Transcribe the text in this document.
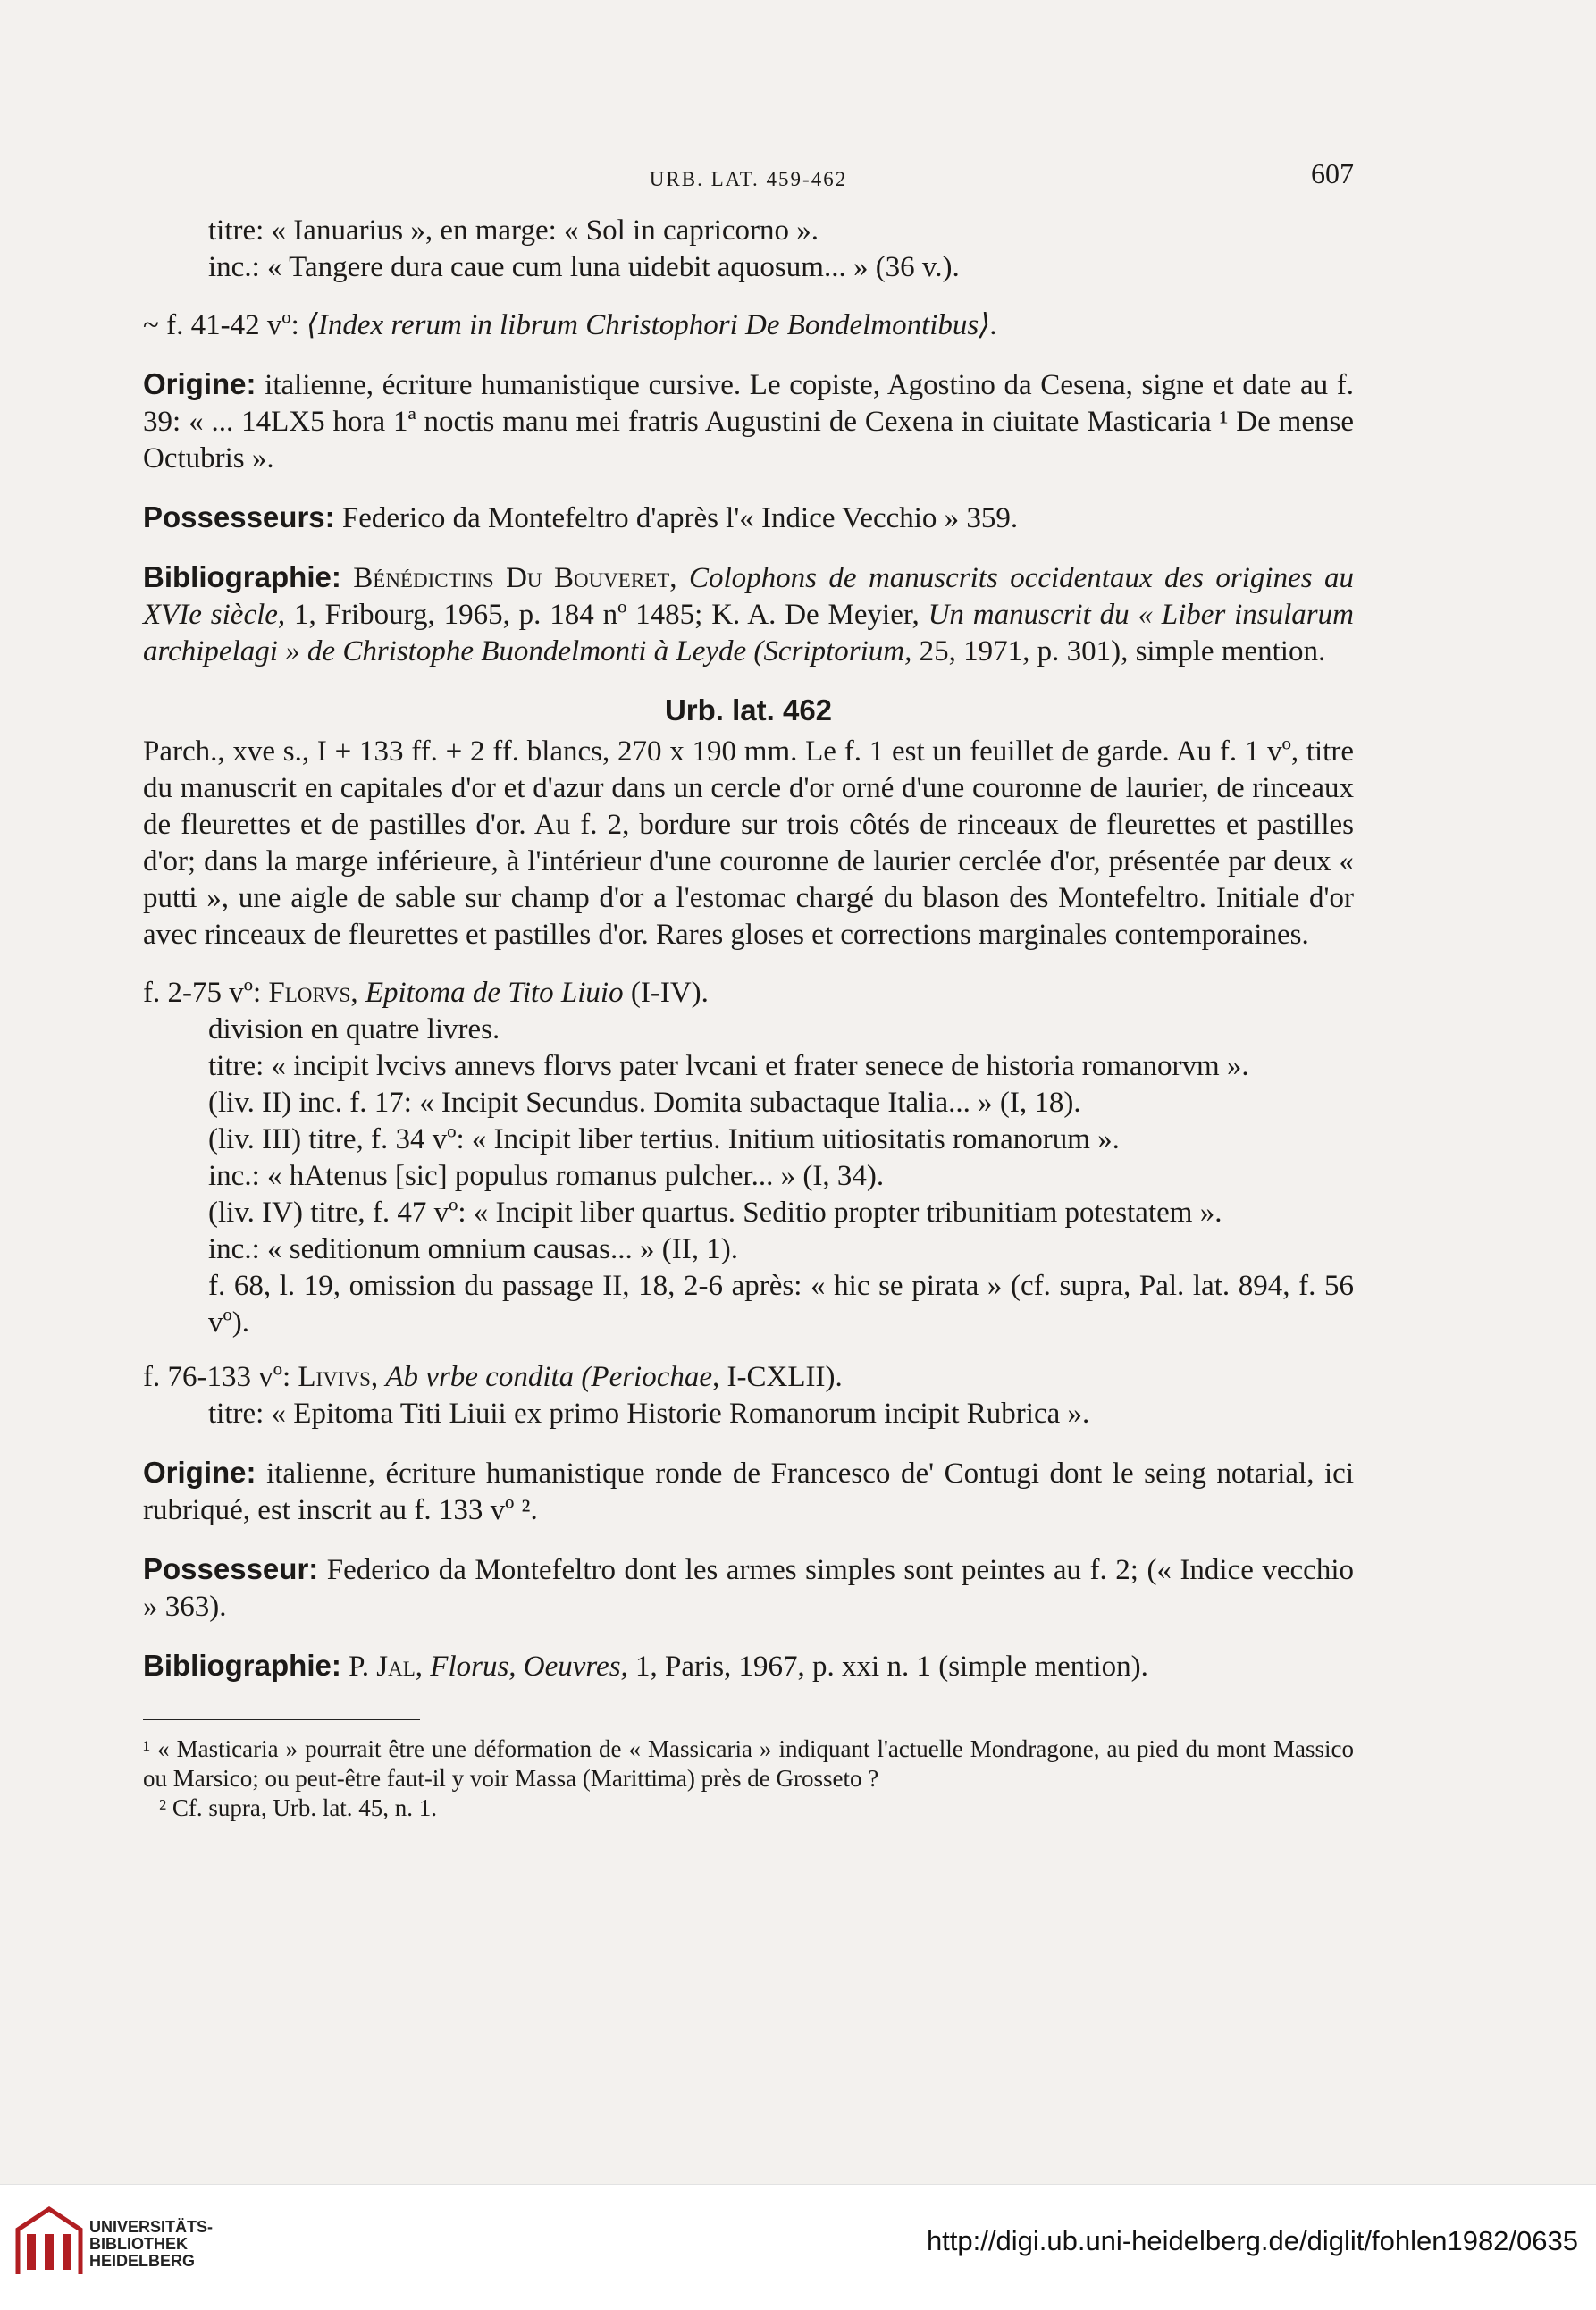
URB. LAT. 459-462	607
titre: « Ianuarius », en marge: « Sol in capricorno ».

inc.: « Tangere dura caue cum luna uidebit aquosum... » (36 v.).

~ f. 41-42 vº: ⟨Index rerum in librum Christophori De Bondelmontibus⟩.

Origine: italienne, écriture humanistique cursive. Le copiste, Agostino da Cesena, signe et date au f. 39: « ... 14LX5 hora 1ª noctis manu mei fratris Augustini de Cexena in ciuitate Masticaria ¹ De mense Octubris ».

Possesseurs: Federico da Montefeltro d'après l'« Indice Vecchio » 359.

Bibliographie: Bénédictins Du Bouveret, Colophons de manuscrits occidentaux des origines au XVIe siècle, 1, Fribourg, 1965, p. 184 nº 1485; K. A. De Meyier, Un manuscrit du « Liber insularum archipelagi » de Christophe Buondelmonti à Leyde (Scriptorium, 25, 1971, p. 301), simple mention.

Urb. lat. 462

Parch., xve s., I + 133 ff. + 2 ff. blancs, 270 x 190 mm. Le f. 1 est un feuillet de garde. Au f. 1 vº, titre du manuscrit en capitales d'or et d'azur dans un cercle d'or orné d'une couronne de laurier, de rinceaux de fleurettes et de pastilles d'or. Au f. 2, bordure sur trois côtés de rinceaux de fleurettes et pastilles d'or; dans la marge inférieure, à l'intérieur d'une couronne de laurier cerclée d'or, présentée par deux « putti », une aigle de sable sur champ d'or a l'estomac chargé du blason des Montefeltro. Initiale d'or avec rinceaux de fleurettes et pastilles d'or. Rares gloses et corrections marginales contemporaines.

f. 2-75 vº: Florvs, Epitoma de Tito Liuio (I-IV).
division en quatre livres.
titre: « incipit lvcivs annevs florvs pater lvcani et frater senece de historia romanorvm ».
(liv. II) inc. f. 17: « Incipit Secundus. Domita subactaque Italia... » (I, 18).
(liv. III) titre, f. 34 vº: « Incipit liber tertius. Initium uitiositatis romanorum ».
inc.: « hAtenus [sic] populus romanus pulcher... » (I, 34).
(liv. IV) titre, f. 47 vº: « Incipit liber quartus. Seditio propter tribunitiam potestatem ».
inc.: « seditionum omnium causas... » (II, 1).
f. 68, l. 19, omission du passage II, 18, 2-6 après: « hic se pirata » (cf. supra, Pal. lat. 894, f. 56 vº).
f. 76-133 vº: Livivs, Ab vrbe condita (Periochae, I-CXLII).
titre: « Epitoma Titi Liuii ex primo Historie Romanorum incipit Rubrica ».

Origine: italienne, écriture humanistique ronde de Francesco de' Contugi dont le seing notarial, ici rubriqué, est inscrit au f. 133 vº ².

Possesseur: Federico da Montefeltro dont les armes simples sont peintes au f. 2; (« Indice vecchio » 363).

Bibliographie: P. Jal, Florus, Oeuvres, 1, Paris, 1967, p. xxi n. 1 (simple mention).

¹ « Masticaria » pourrait être une déformation de « Massicaria » indiquant l'actuelle Mondragone, au pied du mont Massico ou Marsico; ou peut-être faut-il y voir Massa (Marittima) près de Grosseto ?

² Cf. supra, Urb. lat. 45, n. 1.

UNIVERSITÄTS-
BIBLIOTHEK
HEIDELBERG
http://digi.ub.uni-heidelberg.de/diglit/fohlen1982/0635
